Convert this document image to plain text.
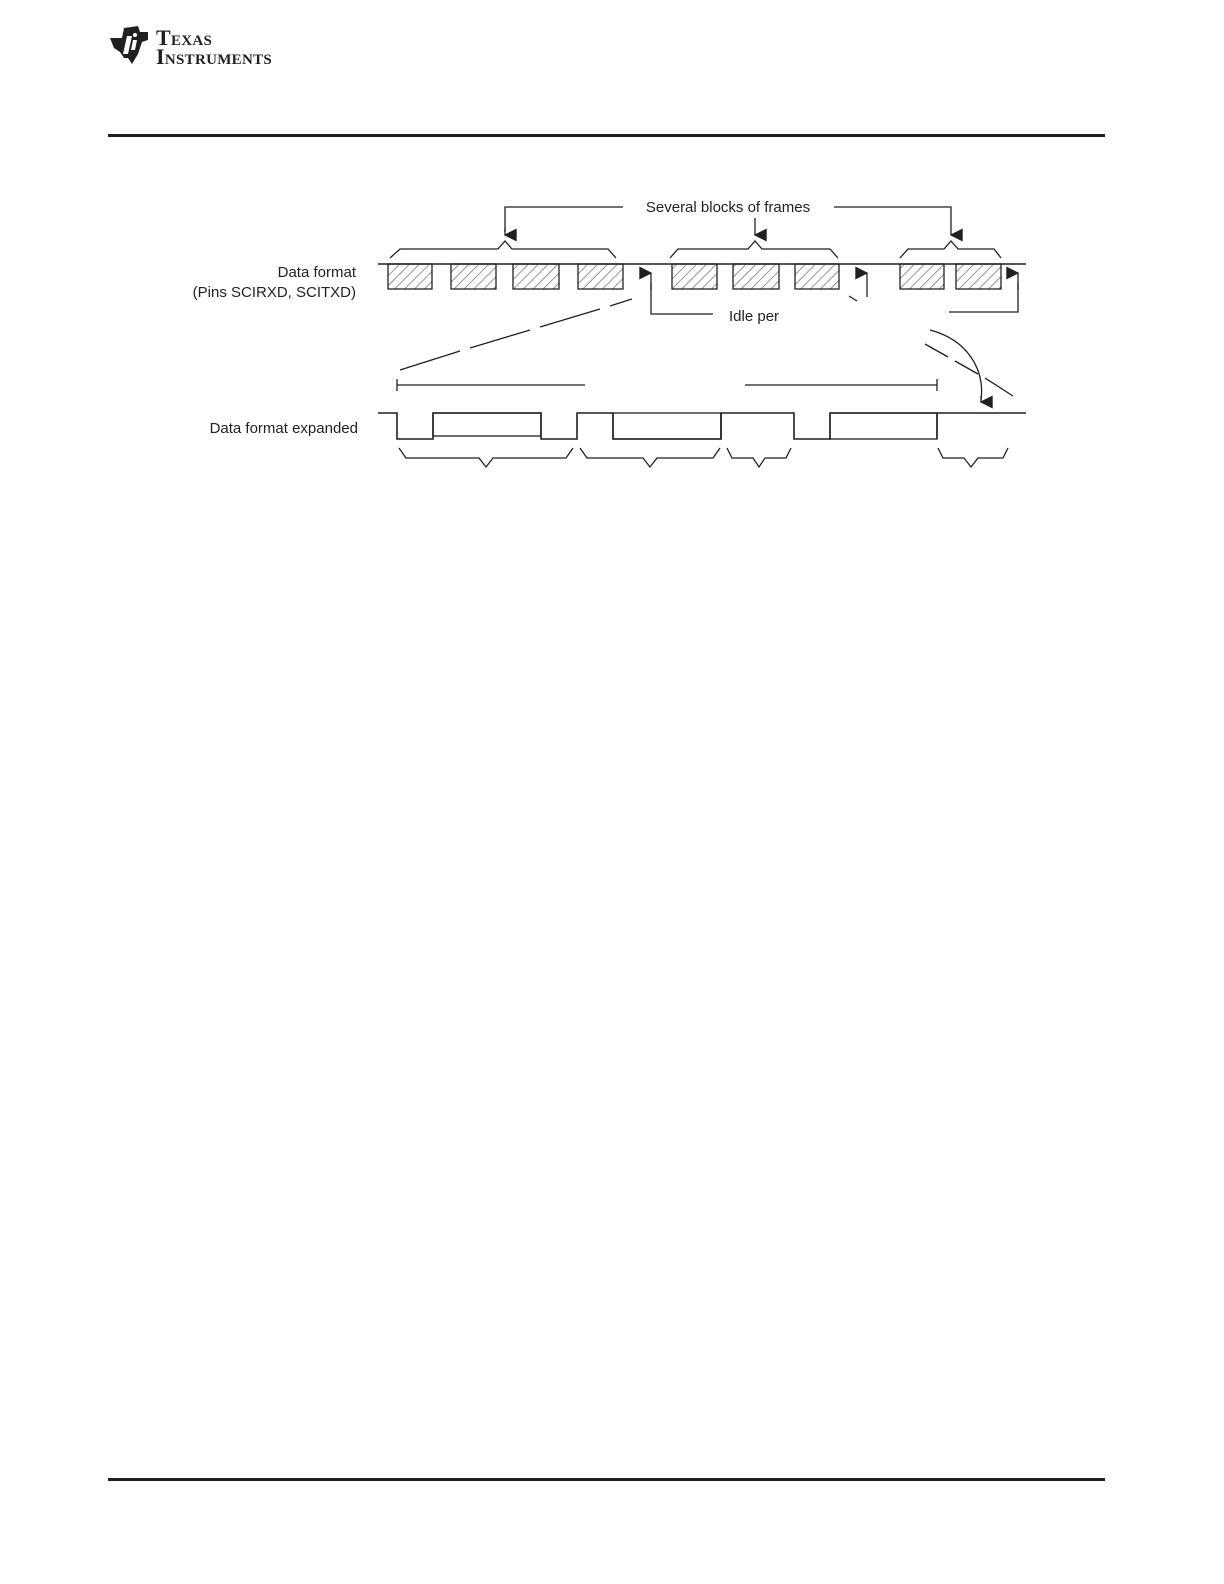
Texas
Instruments
Several blocks of frames
Idle per
Data format
(Pins SCIRXD, SCITXD)
Data format expanded
